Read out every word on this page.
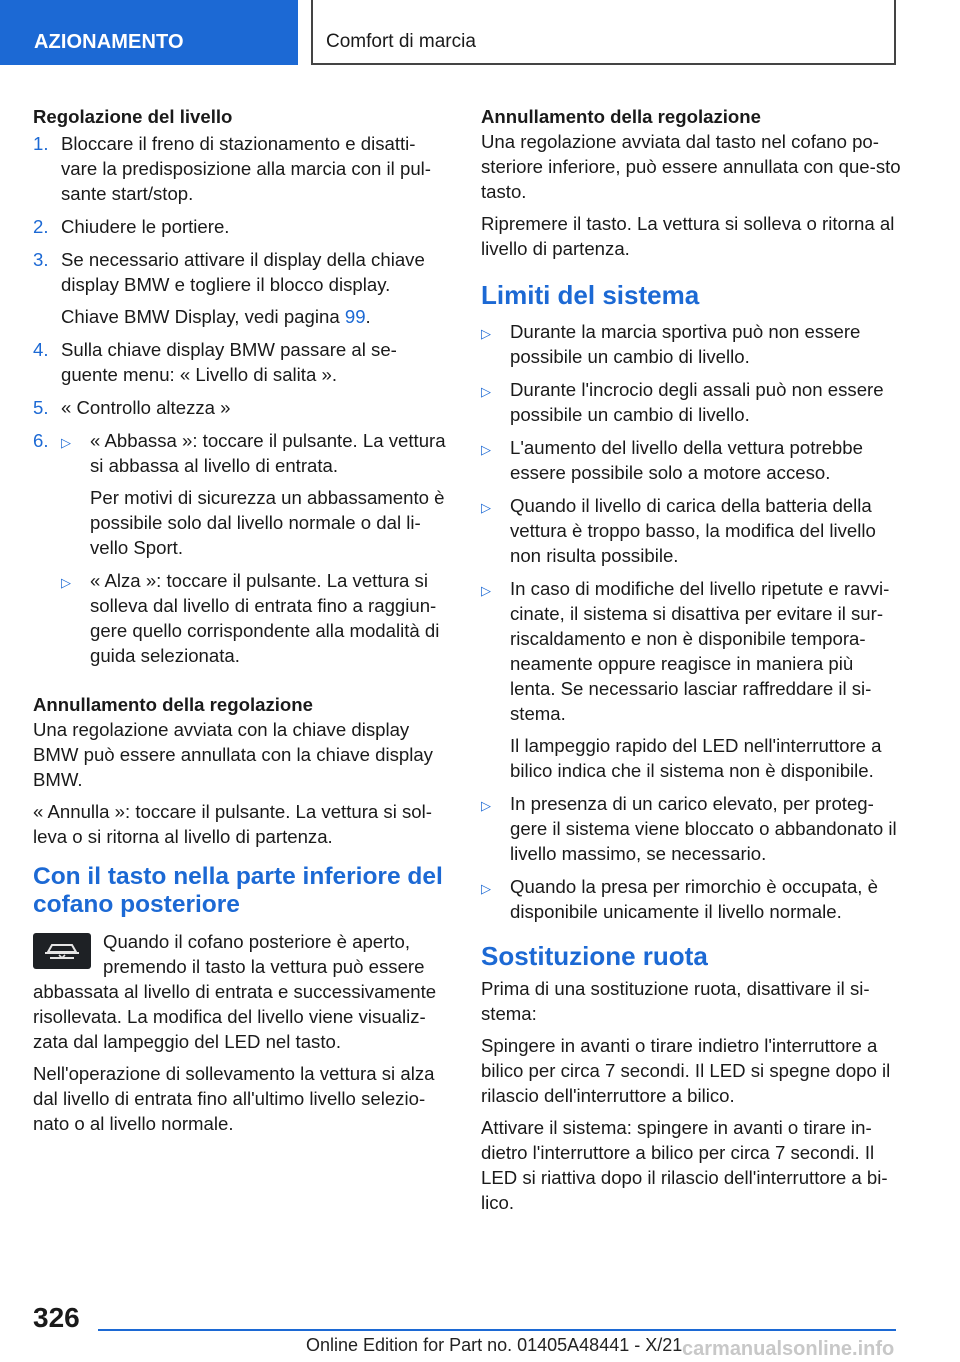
AZIONAMENTO	Comfort di marcia
Regolazione del livello
1. Bloccare il freno di stazionamento e disatti-vare la predisposizione alla marcia con il pul-sante start/stop.
2. Chiudere le portiere.
3. Se necessario attivare il display della chiave display BMW e togliere il blocco display.

Chiave BMW Display, vedi pagina 99.

4. Sulla chiave display BMW passare al se-guente menu: « Livello di salita ».
5. « Controllo altezza »
6. ▷	« Abbassa »: toccare il pulsante. La vettura si abbassa al livello di entrata.

Per motivi di sicurezza un abbassamento è possibile solo dal livello normale o dal li-vello Sport.

▷	« Alza »: toccare il pulsante. La vettura si solleva dal livello di entrata fino a raggiun-gere quello corrispondente alla modalità di guida selezionata.
Annullamento della regolazione

Una regolazione avviata con la chiave display BMW può essere annullata con la chiave display BMW.

« Annulla »: toccare il pulsante. La vettura si sol-leva o si ritorna al livello di partenza.

Con il tasto nella parte inferiore del cofano posteriore

Quando il cofano posteriore è aperto, premendo il tasto la vettura può essere abbassata al livello di entrata e successivamente risollevata. La modifica del livello viene visualiz-zata dal lampeggio del LED nel tasto.

Nell'operazione di sollevamento la vettura si alza dal livello di entrata fino all'ultimo livello selezio-nato o al livello normale.

Annullamento della regolazione

Una regolazione avviata dal tasto nel cofano po-steriore inferiore, può essere annullata con que-sto tasto.

Ripremere il tasto. La vettura si solleva o ritorna al livello di partenza.

Limiti del sistema
▷	Durante la marcia sportiva può non essere possibile un cambio di livello.
▷	Durante l'incrocio degli assali può non essere possibile un cambio di livello.
▷	L'aumento del livello della vettura potrebbe essere possibile solo a motore acceso.
▷	Quando il livello di carica della batteria della vettura è troppo basso, la modifica del livello non risulta possibile.
▷	In caso di modifiche del livello ripetute e ravvi-cinate, il sistema si disattiva per evitare il sur-riscaldamento e non è disponibile tempora-neamente oppure reagisce in maniera più lenta. Se necessario lasciar raffreddare il si-stema.

Il lampeggio rapido del LED nell'interruttore a bilico indica che il sistema non è disponibile.

▷	In presenza di un carico elevato, per proteg-gere il sistema viene bloccato o abbandonato il livello massimo, se necessario.
▷	Quando la presa per rimorchio è occupata, è disponibile unicamente il livello normale.
Sostituzione ruota

Prima di una sostituzione ruota, disattivare il si-stema:

Spingere in avanti o tirare indietro l'interruttore a bilico per circa 7 secondi. Il LED si spegne dopo il rilascio dell'interruttore a bilico.

Attivare il sistema: spingere in avanti o tirare in-dietro l'interruttore a bilico per circa 7 secondi. Il LED si riattiva dopo il rilascio dell'interruttore a bi-lico.

326
Online Edition for Part no. 01405A48441 - X/21 carmanualsonline.info
